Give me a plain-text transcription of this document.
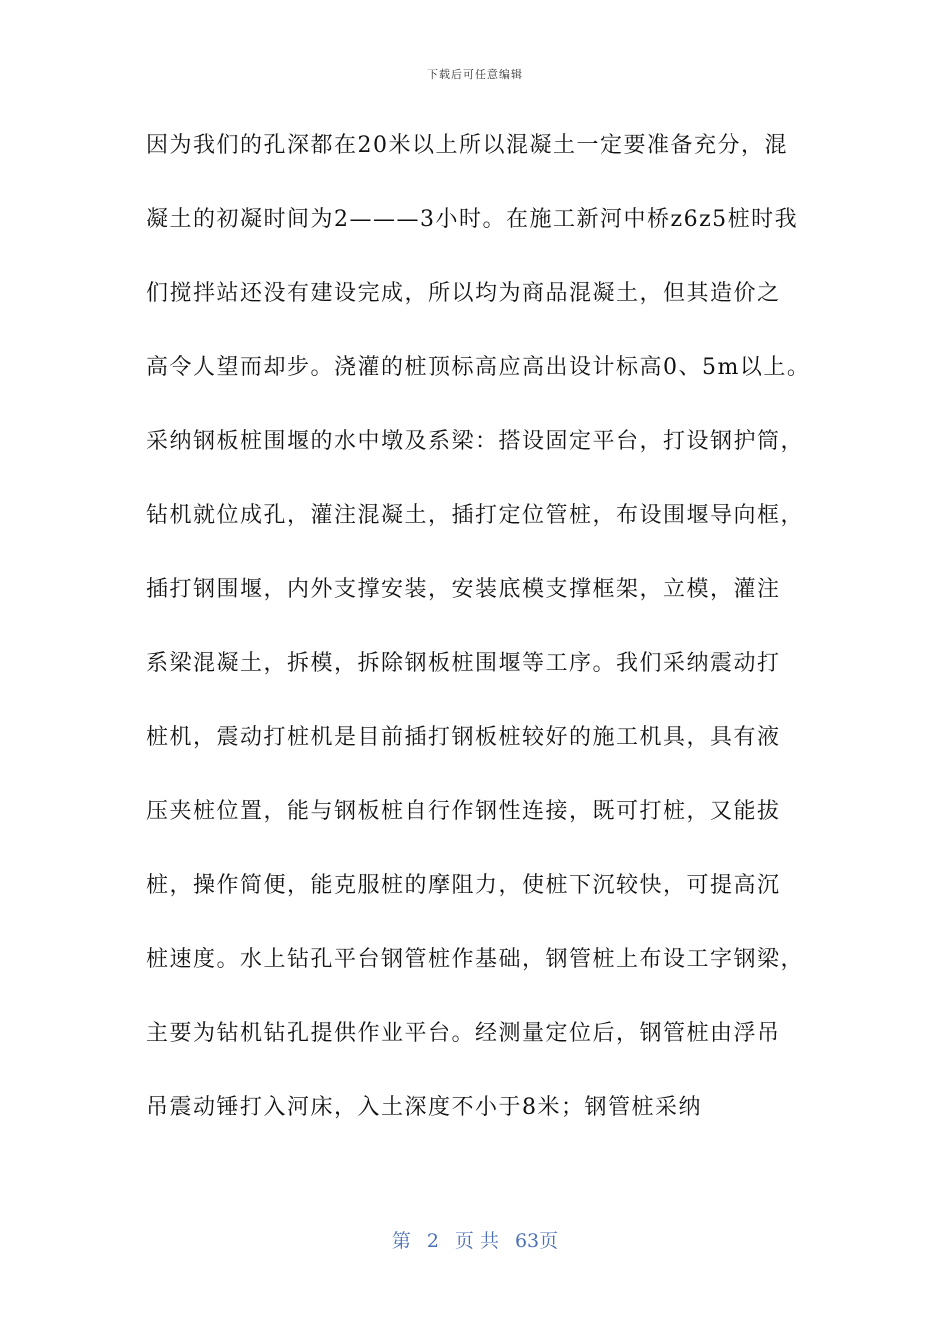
下载后可任意编辑
因为我们的孔深都在20米以上所以混凝土一定要准备充分，混
凝土的初凝时间为2———3小时。在施工新河中桥z6z5桩时我
们搅拌站还没有建设完成，所以均为商品混凝土，但其造价之
高令人望而却步。浇灌的桩顶标高应高出设计标高0、5m以上。
采纳钢板桩围堰的水中墩及系梁：搭设固定平台，打设钢护筒，
钻机就位成孔，灌注混凝土，插打定位管桩，布设围堰导向框，
插打钢围堰，内外支撑安装，安装底模支撑框架，立模，灌注
系梁混凝土，拆模，拆除钢板桩围堰等工序。我们采纳震动打
桩机，震动打桩机是目前插打钢板桩较好的施工机具，具有液
压夹桩位置，能与钢板桩自行作钢性连接，既可打桩，又能拔
桩，操作简便，能克服桩的摩阻力，使桩下沉较快，可提高沉
桩速度。水上钻孔平台钢管桩作基础，钢管桩上布设工字钢梁，
主要为钻机钻孔提供作业平台。经测量定位后，钢管桩由浮吊
吊震动锤打入河床，入土深度不小于8米；钢管桩采纳
第 2 页 共 63页
